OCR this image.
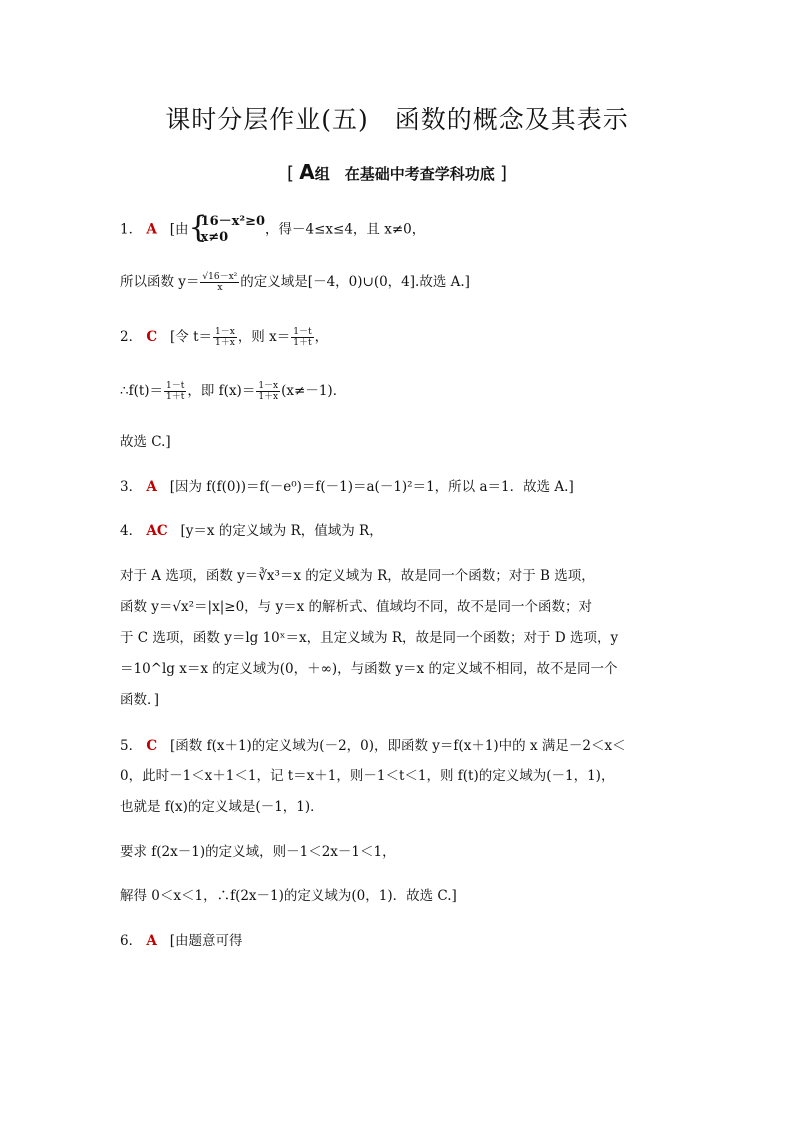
课时分层作业(五)　函数的概念及其表示
[ A组　在基础中考查学科功底 ]
1． A [由 {
16－x²≥0
x≠0	，得－4≤x≤4，且 x≠0，
所以函数 $y= \frac{\text{√16－x²}}{x}$ 的定义域是[－4，0)∪(0，4].故选 A.]
2． C [令 $t= \frac{1-x}{1+x}$ ，则 $x= \frac{1-t}{1+t}$ ，
∴f(t)＝ $\frac{1-t}{1+t}$ ，即 $f(x)= \frac{1-x}{1+x} (x\ne-1)$．
故选 C.]
3． A [因为 f(f(0))＝f(－e⁰)＝f(－1)＝a(－1)²＝1，所以 a＝1．故选 A.]
4． AC [y＝x 的定义域为 R，值域为 R，
对于 A 选项，函数 y＝∛x³＝x 的定义域为 R，故是同一个函数；对于 B 选项，
函数 y＝√x²＝|x|≥0，与 y＝x 的解析式、值域均不同，故不是同一个函数；对
于 C 选项，函数 y＝lg 10ˣ＝x，且定义域为 R，故是同一个函数；对于 D 选项，y
＝10^lg x＝x 的定义域为(0，＋∞)，与函数 y＝x 的定义域不相同，故不是同一个
函数．]
5． C [函数 f(x＋1)的定义域为(－2，0)，即函数 y＝f(x＋1)中的 x 满足－2＜x＜
0，此时－1＜x＋1＜1，记 t＝x＋1，则－1＜t＜1，则 f(t)的定义域为(－1，1)，
也就是 f(x)的定义域是(－1，1)．
要求 f(2x－1)的定义域，则－1＜2x－1＜1，
解得 0＜x＜1，∴f(2x－1)的定义域为(0，1)．故选 C.]
6． A [由题意可得
